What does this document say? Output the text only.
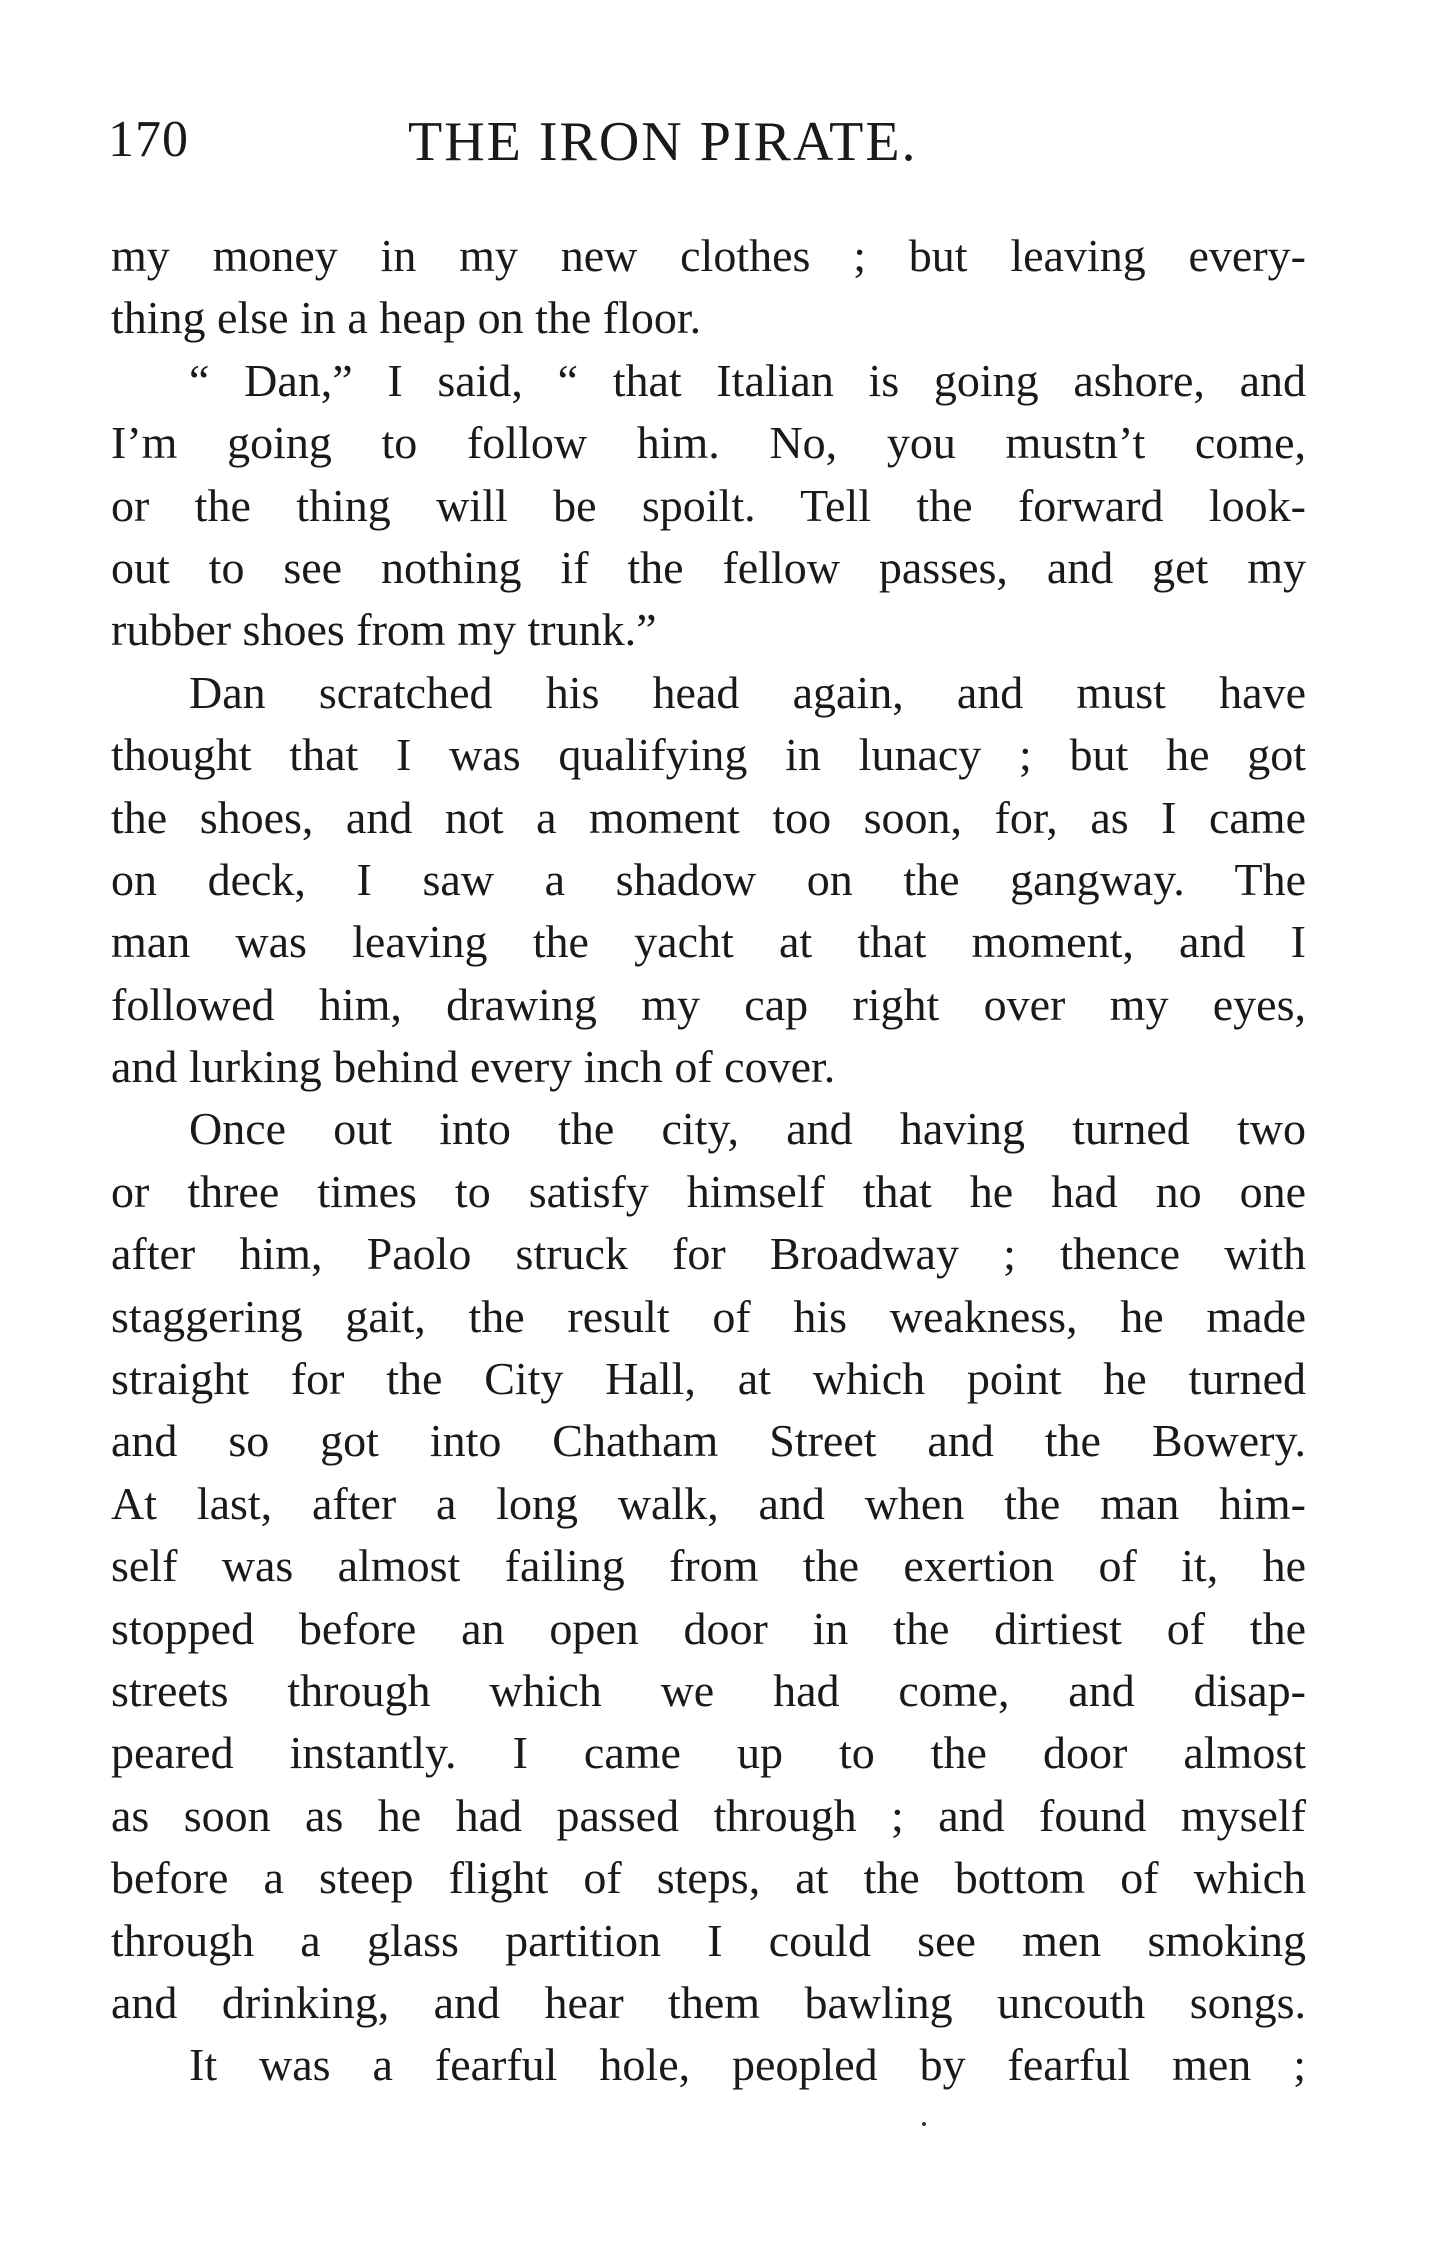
170	THE IRON PIRATE.
my money in my new clothes ; but leaving every-
thing else in a heap on the floor.
“ Dan,” I said, “ that Italian is going ashore, and
I’m going to follow him. No, you mustn’t come,
or the thing will be spoilt. Tell the forward look-
out to see nothing if the fellow passes, and get my
rubber shoes from my trunk.”
Dan scratched his head again, and must have
thought that I was qualifying in lunacy ; but he got
the shoes, and not a moment too soon, for, as I came
on deck, I saw a shadow on the gangway. The
man was leaving the yacht at that moment, and I
followed him, drawing my cap right over my eyes,
and lurking behind every inch of cover.
Once out into the city, and having turned two
or three times to satisfy himself that he had no one
after him, Paolo struck for Broadway ; thence with
staggering gait, the result of his weakness, he made
straight for the City Hall, at which point he turned
and so got into Chatham Street and the Bowery.
At last, after a long walk, and when the man him-
self was almost failing from the exertion of it, he
stopped before an open door in the dirtiest of the
streets through which we had come, and disap-
peared instantly. I came up to the door almost
as soon as he had passed through ; and found myself
before a steep flight of steps, at the bottom of which
through a glass partition I could see men smoking
and drinking, and hear them bawling uncouth songs.
It was a fearful hole, peopled by fearful men ;
